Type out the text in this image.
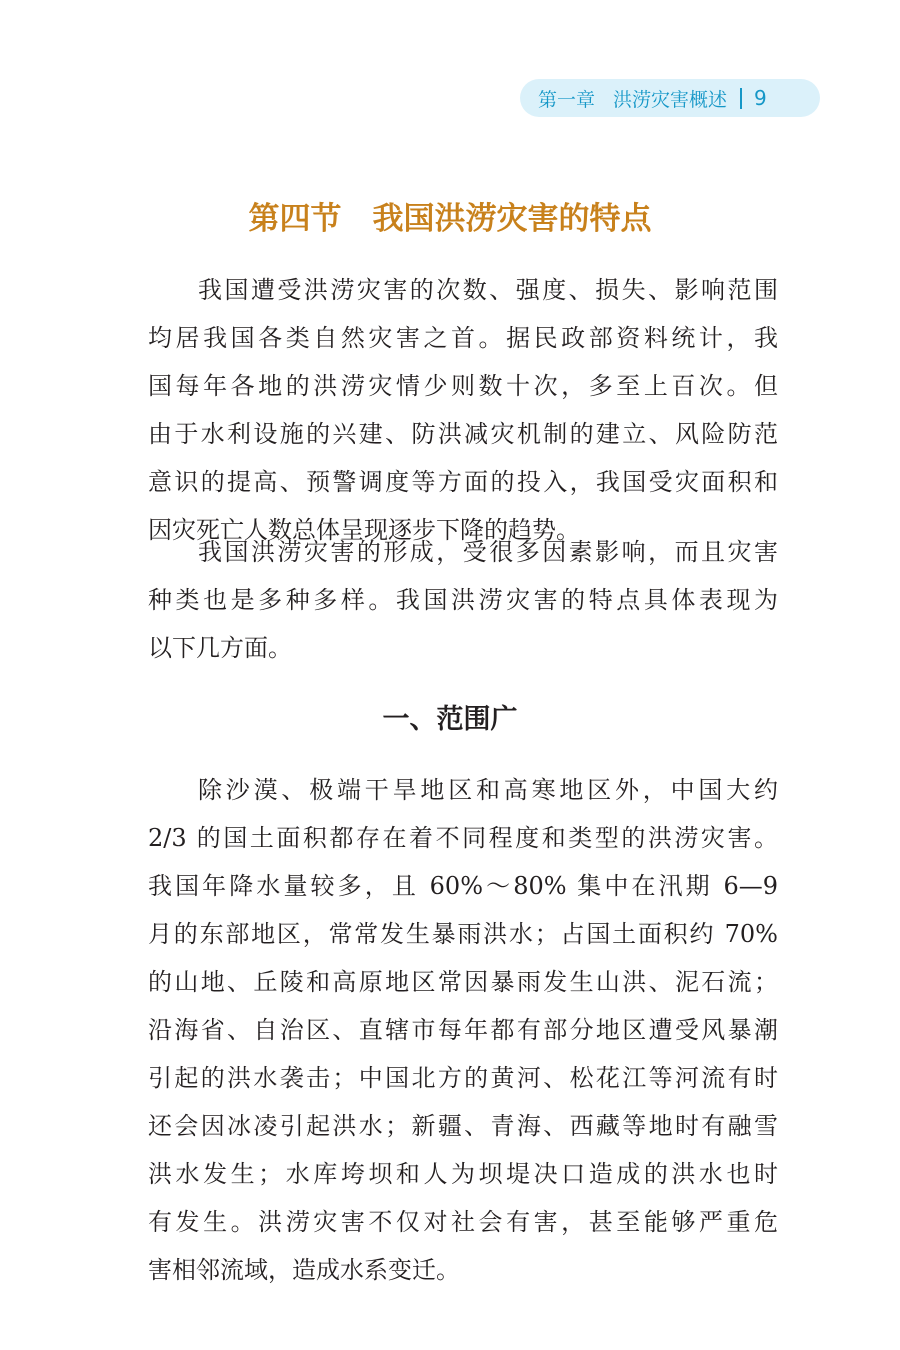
第一章 洪涝灾害概述 9
第四节　我国洪涝灾害的特点
我国遭受洪涝灾害的次数、强度、损失、影响范围
均居我国各类自然灾害之首。据民政部资料统计，我
国每年各地的洪涝灾情少则数十次，多至上百次。但
由于水利设施的兴建、防洪减灾机制的建立、风险防范
意识的提高、预警调度等方面的投入，我国受灾面积和
因灾死亡人数总体呈现逐步下降的趋势。
我国洪涝灾害的形成，受很多因素影响，而且灾害
种类也是多种多样。我国洪涝灾害的特点具体表现为
以下几方面。
一、范围广
除沙漠、极端干旱地区和高寒地区外，中国大约
2/3 的国土面积都存在着不同程度和类型的洪涝灾害。
我国年降水量较多，且 60%～80% 集中在汛期 6—9
月的东部地区，常常发生暴雨洪水；占国土面积约 70%
的山地、丘陵和高原地区常因暴雨发生山洪、泥石流；
沿海省、自治区、直辖市每年都有部分地区遭受风暴潮
引起的洪水袭击；中国北方的黄河、松花江等河流有时
还会因冰凌引起洪水；新疆、青海、西藏等地时有融雪
洪水发生；水库垮坝和人为坝堤决口造成的洪水也时
有发生。洪涝灾害不仅对社会有害，甚至能够严重危
害相邻流域，造成水系变迁。
